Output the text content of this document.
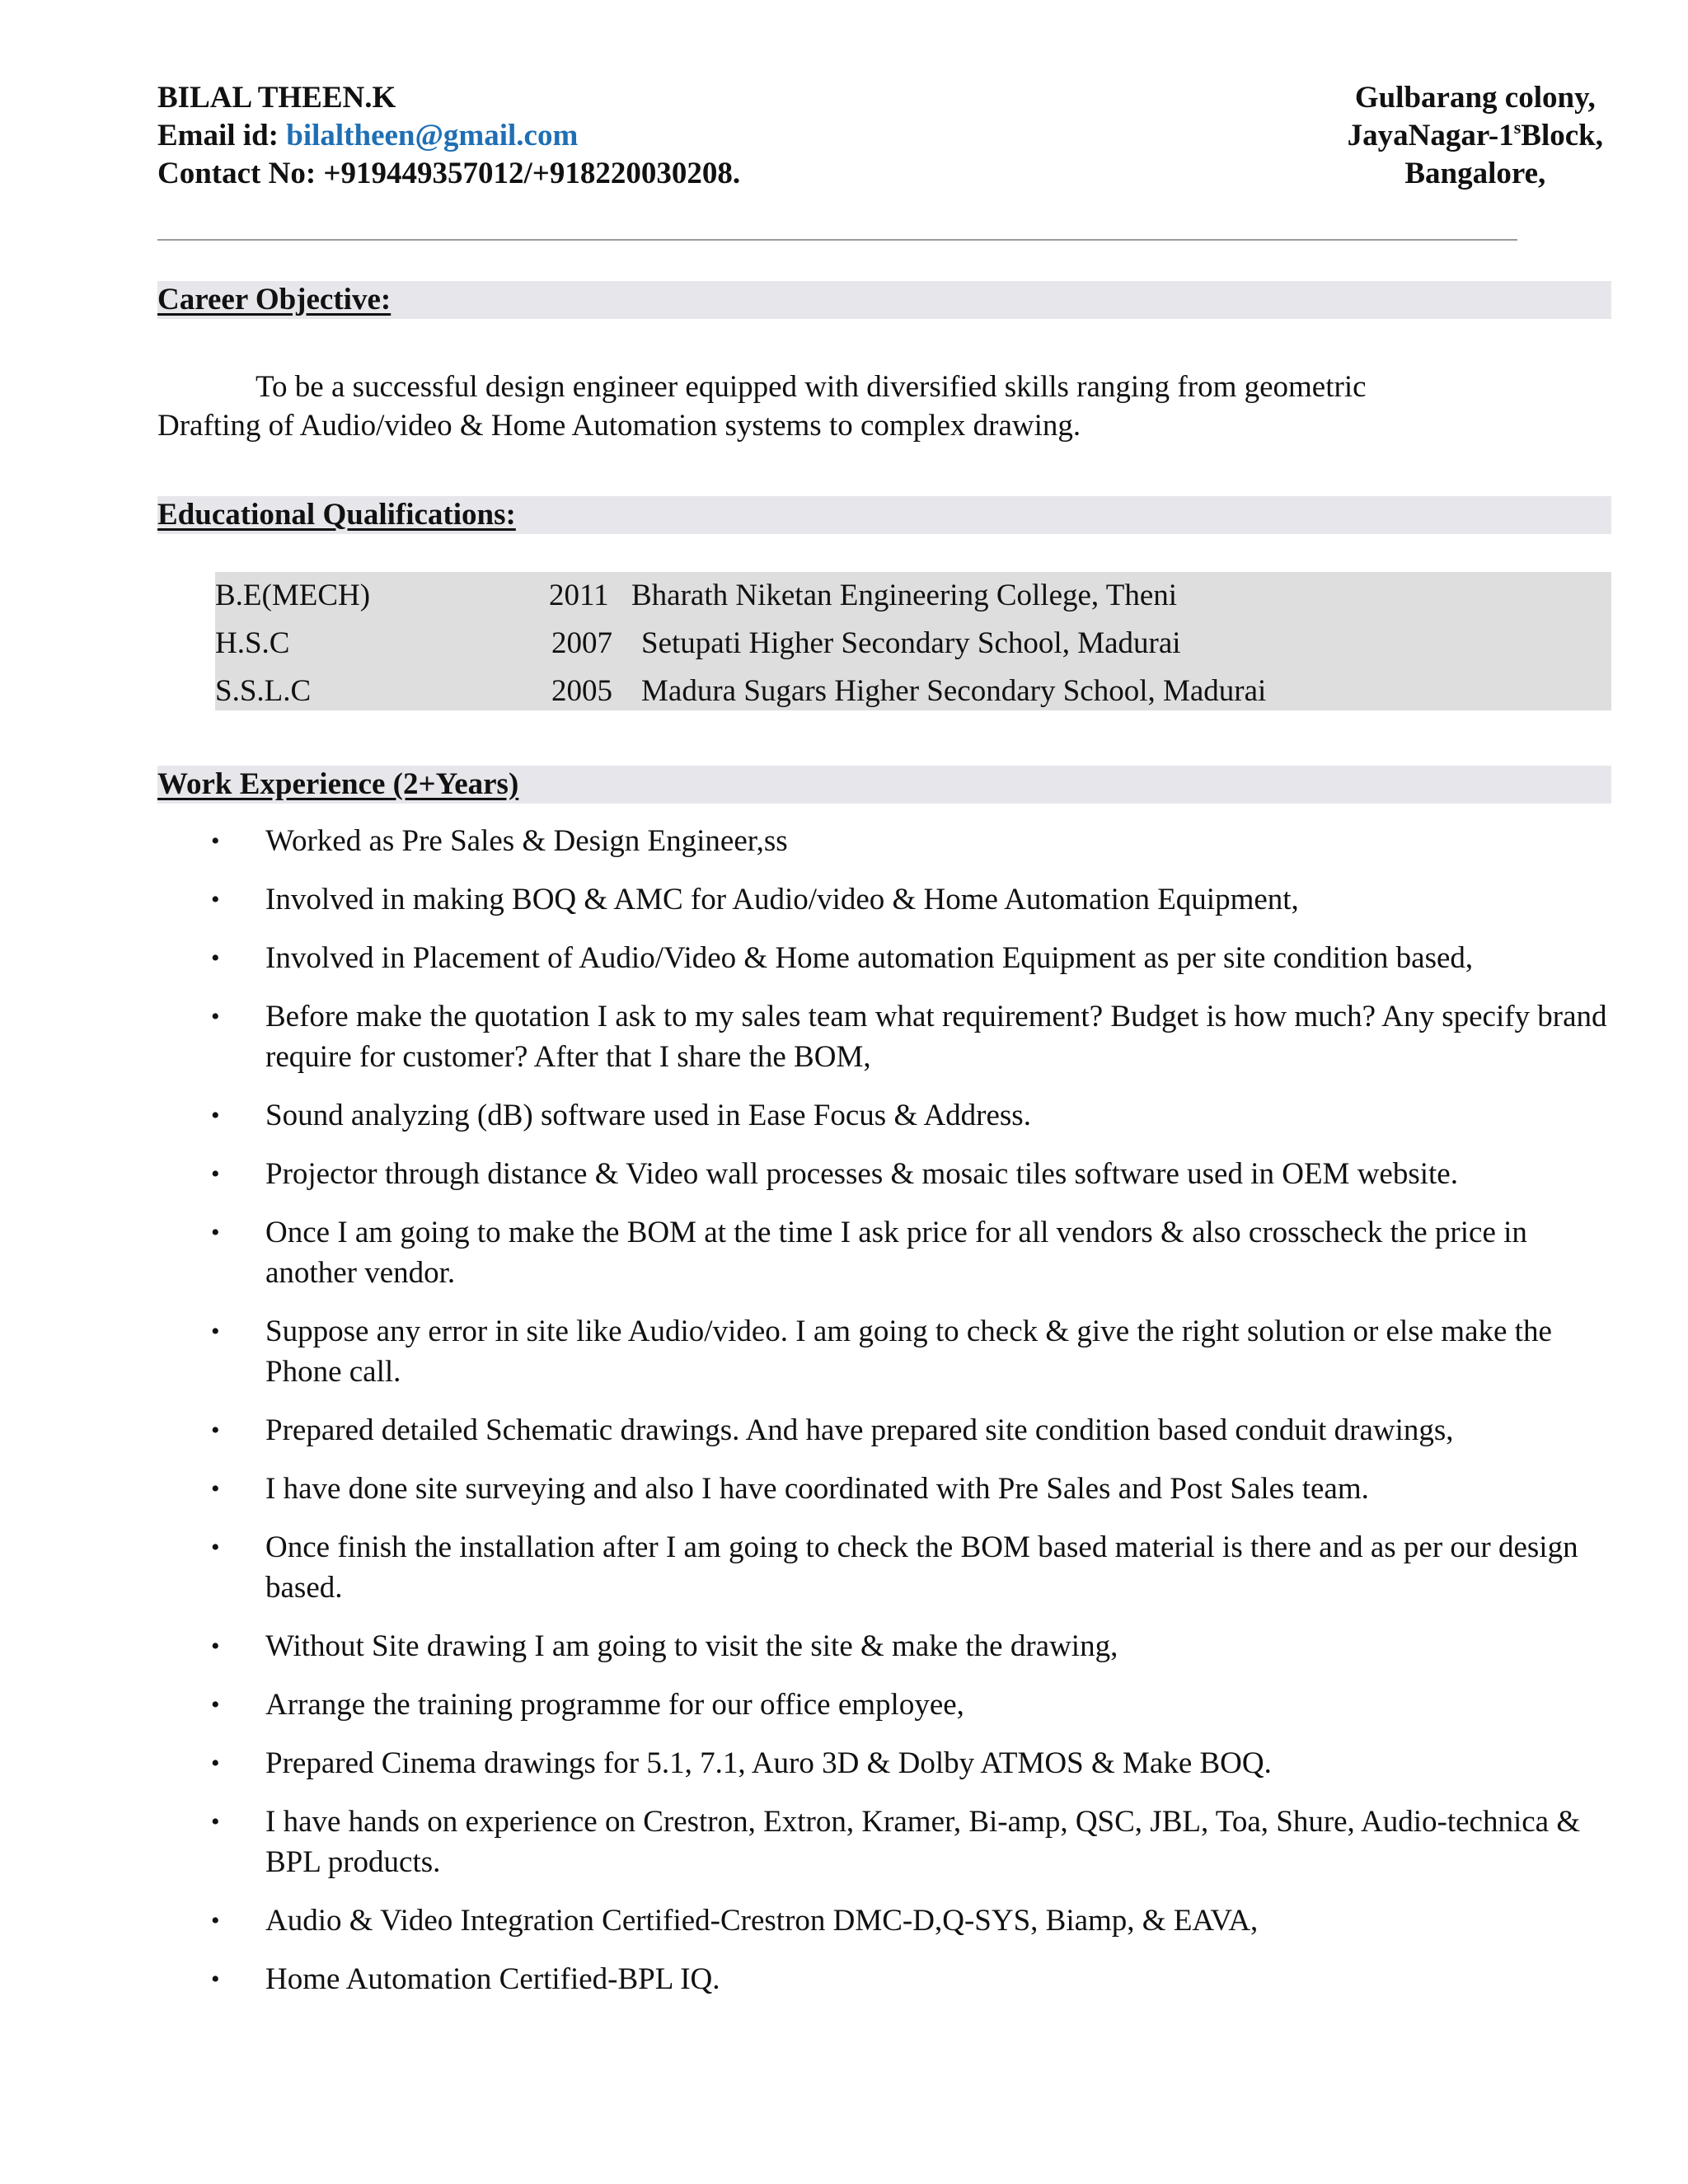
BILAL THEEN.K
Email id: bilaltheen@gmail.com
Contact No: +919449357012/+918220030208.
Gulbarang colony,
JayaNagar-1$^s$Block,
Bangalore,
Career Objective:

To be a successful design engineer equipped with diversified skills ranging from geometric Drafting of Audio/video & Home Automation systems to complex drawing.

Educational Qualifications:
B.E(MECH)	2011 Bharath Niketan Engineering College, Theni
H.S.C	2007 Setupati Higher Secondary School, Madurai
S.S.L.C	2005 Madura Sugars Higher Secondary School, Madurai
Work Experience (2+Years)
• Worked as Pre Sales & Design Engineer,ss
• Involved in making BOQ & AMC for Audio/video & Home Automation Equipment,
• Involved in Placement of Audio/Video & Home automation Equipment as per site condition based,
• Before make the quotation I ask to my sales team what requirement? Budget is how much? Any specify brand require for customer? After that I share the BOM,
• Sound analyzing (dB) software used in Ease Focus & Address.
• Projector through distance & Video wall processes & mosaic tiles software used in OEM website.
• Once I am going to make the BOM at the time I ask price for all vendors & also crosscheck the price in another vendor.
• Suppose any error in site like Audio/video. I am going to check & give the right solution or else make the Phone call.
• Prepared detailed Schematic drawings. And have prepared site condition based conduit drawings,
• I have done site surveying and also I have coordinated with Pre Sales and Post Sales team.
• Once finish the installation after I am going to check the BOM based material is there and as per our design based.
• Without Site drawing I am going to visit the site & make the drawing,
• Arrange the training programme for our office employee,
• Prepared Cinema drawings for 5.1, 7.1, Auro 3D & Dolby ATMOS & Make BOQ.
• I have hands on experience on Crestron, Extron, Kramer, Bi-amp, QSC, JBL, Toa, Shure, Audio-technica & BPL products.
• Audio & Video Integration Certified-Crestron DMC-D,Q-SYS, Biamp, & EAVA,
• Home Automation Certified-BPL IQ.
